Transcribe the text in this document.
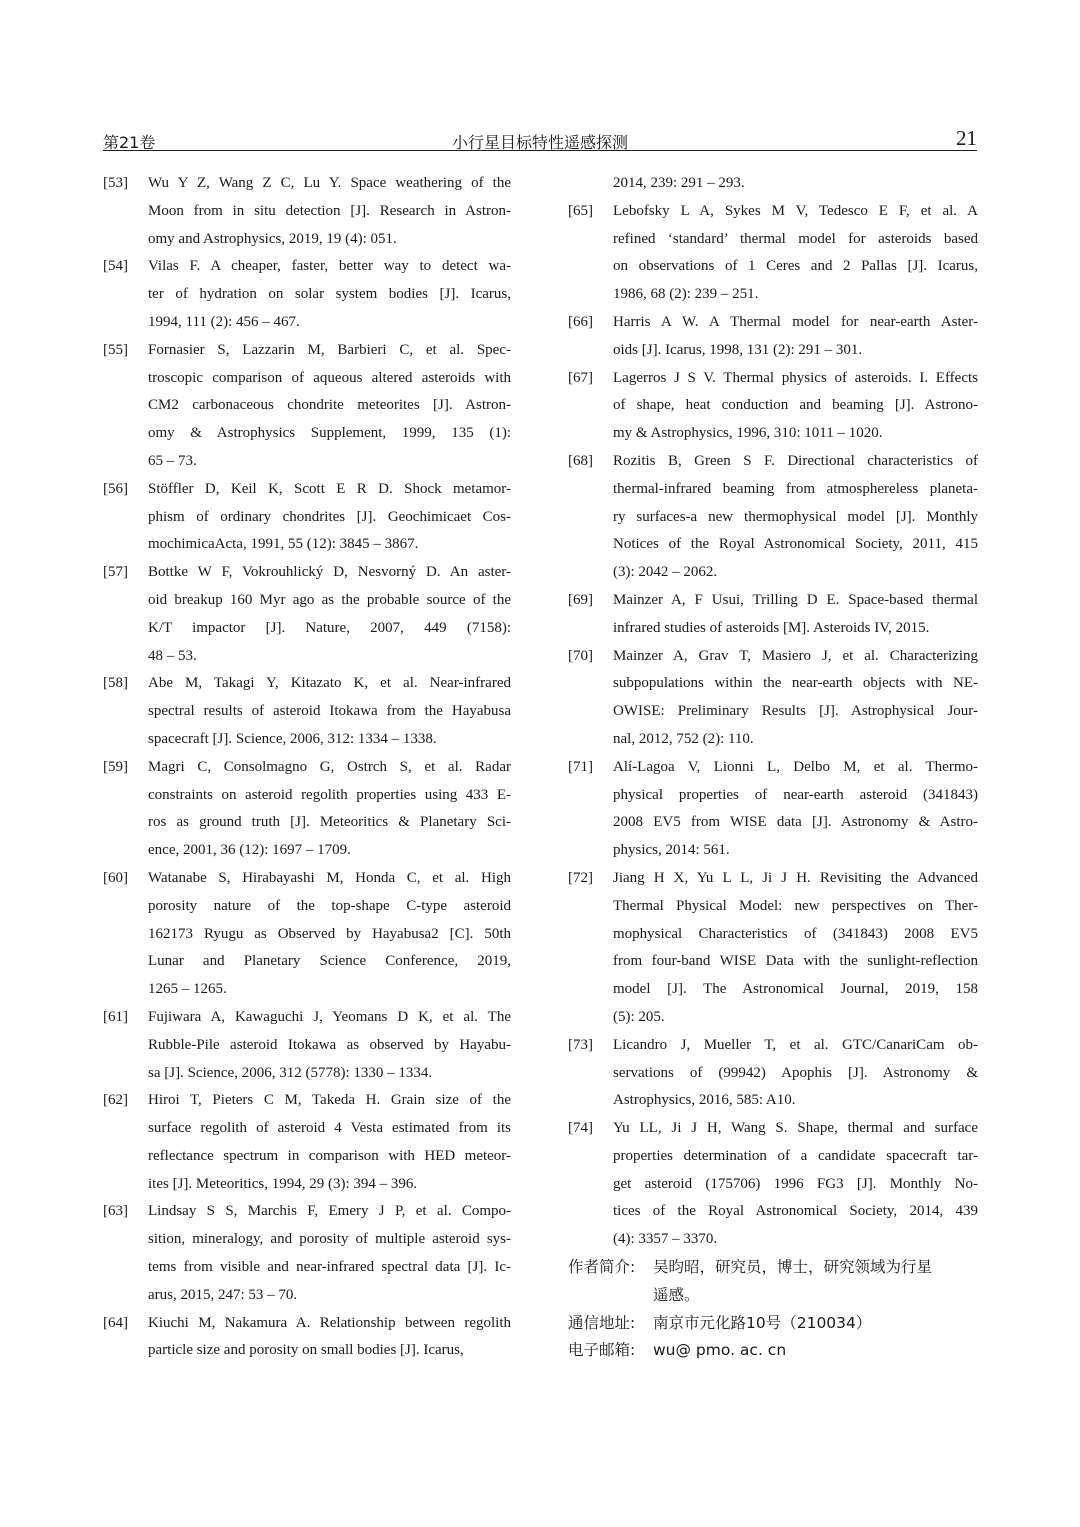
第21卷	小行星目标特性遥感探测	21
[53] Wu Y Z, Wang Z C, Lu Y. Space weathering of the
Moon from in situ detection [J]. Research in Astron-
omy and Astrophysics, 2019, 19 (4): 051.
[54] Vilas F. A cheaper, faster, better way to detect wa-
ter of hydration on solar system bodies [J]. Icarus,
1994, 111 (2): 456 – 467.
[55] Fornasier S, Lazzarin M, Barbieri C, et al. Spec-
troscopic comparison of aqueous altered asteroids with
CM2 carbonaceous chondrite meteorites [J]. Astron-
omy & Astrophysics Supplement, 1999, 135 (1):
65 – 73.
[56] Stöffler D, Keil K, Scott E R D. Shock metamor-
phism of ordinary chondrites [J]. Geochimicaet Cos-
mochimicaActa, 1991, 55 (12): 3845 – 3867.
[57] Bottke W F, Vokrouhlický D, Nesvorný D. An aster-
oid breakup 160 Myr ago as the probable source of the
K/T impactor [J]. Nature, 2007, 449 (7158):
48 – 53.
[58] Abe M, Takagi Y, Kitazato K, et al. Near-infrared
spectral results of asteroid Itokawa from the Hayabusa
spacecraft [J]. Science, 2006, 312: 1334 – 1338.
[59] Magri C, Consolmagno G, Ostrch S, et al. Radar
constraints on asteroid regolith properties using 433 E-
ros as ground truth [J]. Meteoritics & Planetary Sci-
ence, 2001, 36 (12): 1697 – 1709.
[60] Watanabe S, Hirabayashi M, Honda C, et al. High
porosity nature of the top-shape C-type asteroid
162173 Ryugu as Observed by Hayabusa2 [C]. 50th
Lunar and Planetary Science Conference, 2019,
1265 – 1265.
[61] Fujiwara A, Kawaguchi J, Yeomans D K, et al. The
Rubble-Pile asteroid Itokawa as observed by Hayabu-
sa [J]. Science, 2006, 312 (5778): 1330 – 1334.
[62] Hiroi T, Pieters C M, Takeda H. Grain size of the
surface regolith of asteroid 4 Vesta estimated from its
reflectance spectrum in comparison with HED meteor-
ites [J]. Meteoritics, 1994, 29 (3): 394 – 396.
[63] Lindsay S S, Marchis F, Emery J P, et al. Compo-
sition, mineralogy, and porosity of multiple asteroid sys-
tems from visible and near-infrared spectral data [J]. Ic-
arus, 2015, 247: 53 – 70.
[64] Kiuchi M, Nakamura A. Relationship between regolith
particle size and porosity on small bodies [J]. Icarus,
2014, 239: 291 – 293.
[65] Lebofsky L A, Sykes M V, Tedesco E F, et al. A
refined ‘standard’ thermal model for asteroids based
on observations of 1 Ceres and 2 Pallas [J]. Icarus,
1986, 68 (2): 239 – 251.
[66] Harris A W. A Thermal model for near-earth Aster-
oids [J]. Icarus, 1998, 131 (2): 291 – 301.
[67] Lagerros J S V. Thermal physics of asteroids. I. Effects
of shape, heat conduction and beaming [J]. Astrono-
my & Astrophysics, 1996, 310: 1011 – 1020.
[68] Rozitis B, Green S F. Directional characteristics of
thermal-infrared beaming from atmosphereless planeta-
ry surfaces-a new thermophysical model [J]. Monthly
Notices of the Royal Astronomical Society, 2011, 415
(3): 2042 – 2062.
[69] Mainzer A, F Usui, Trilling D E. Space-based thermal
infrared studies of asteroids [M]. Asteroids IV, 2015.
[70] Mainzer A, Grav T, Masiero J, et al. Characterizing
subpopulations within the near-earth objects with NE-
OWISE: Preliminary Results [J]. Astrophysical Jour-
nal, 2012, 752 (2): 110.
[71] Alí-Lagoa V, Lionni L, Delbo M, et al. Thermo-
physical properties of near-earth asteroid (341843)
2008 EV5 from WISE data [J]. Astronomy & Astro-
physics, 2014: 561.
[72] Jiang H X, Yu L L, Ji J H. Revisiting the Advanced
Thermal Physical Model: new perspectives on Ther-
mophysical Characteristics of (341843) 2008 EV5
from four-band WISE Data with the sunlight-reflection
model [J]. The Astronomical Journal, 2019, 158
(5): 205.
[73] Licandro J, Mueller T, et al. GTC/CanariCam ob-
servations of (99942) Apophis [J]. Astronomy &
Astrophysics, 2016, 585: A10.
[74] Yu LL, Ji J H, Wang S. Shape, thermal and surface
properties determination of a candidate spacecraft tar-
get asteroid (175706) 1996 FG3 [J]. Monthly No-
tices of the Royal Astronomical Society, 2014, 439
(4): 3357 – 3370.
作者简介: 吴昀昭，研究员，博士，研究领域为行星
遥感。
通信地址: 南京市元化路10号（210034）
电子邮箱: wu@ pmo. ac. cn
